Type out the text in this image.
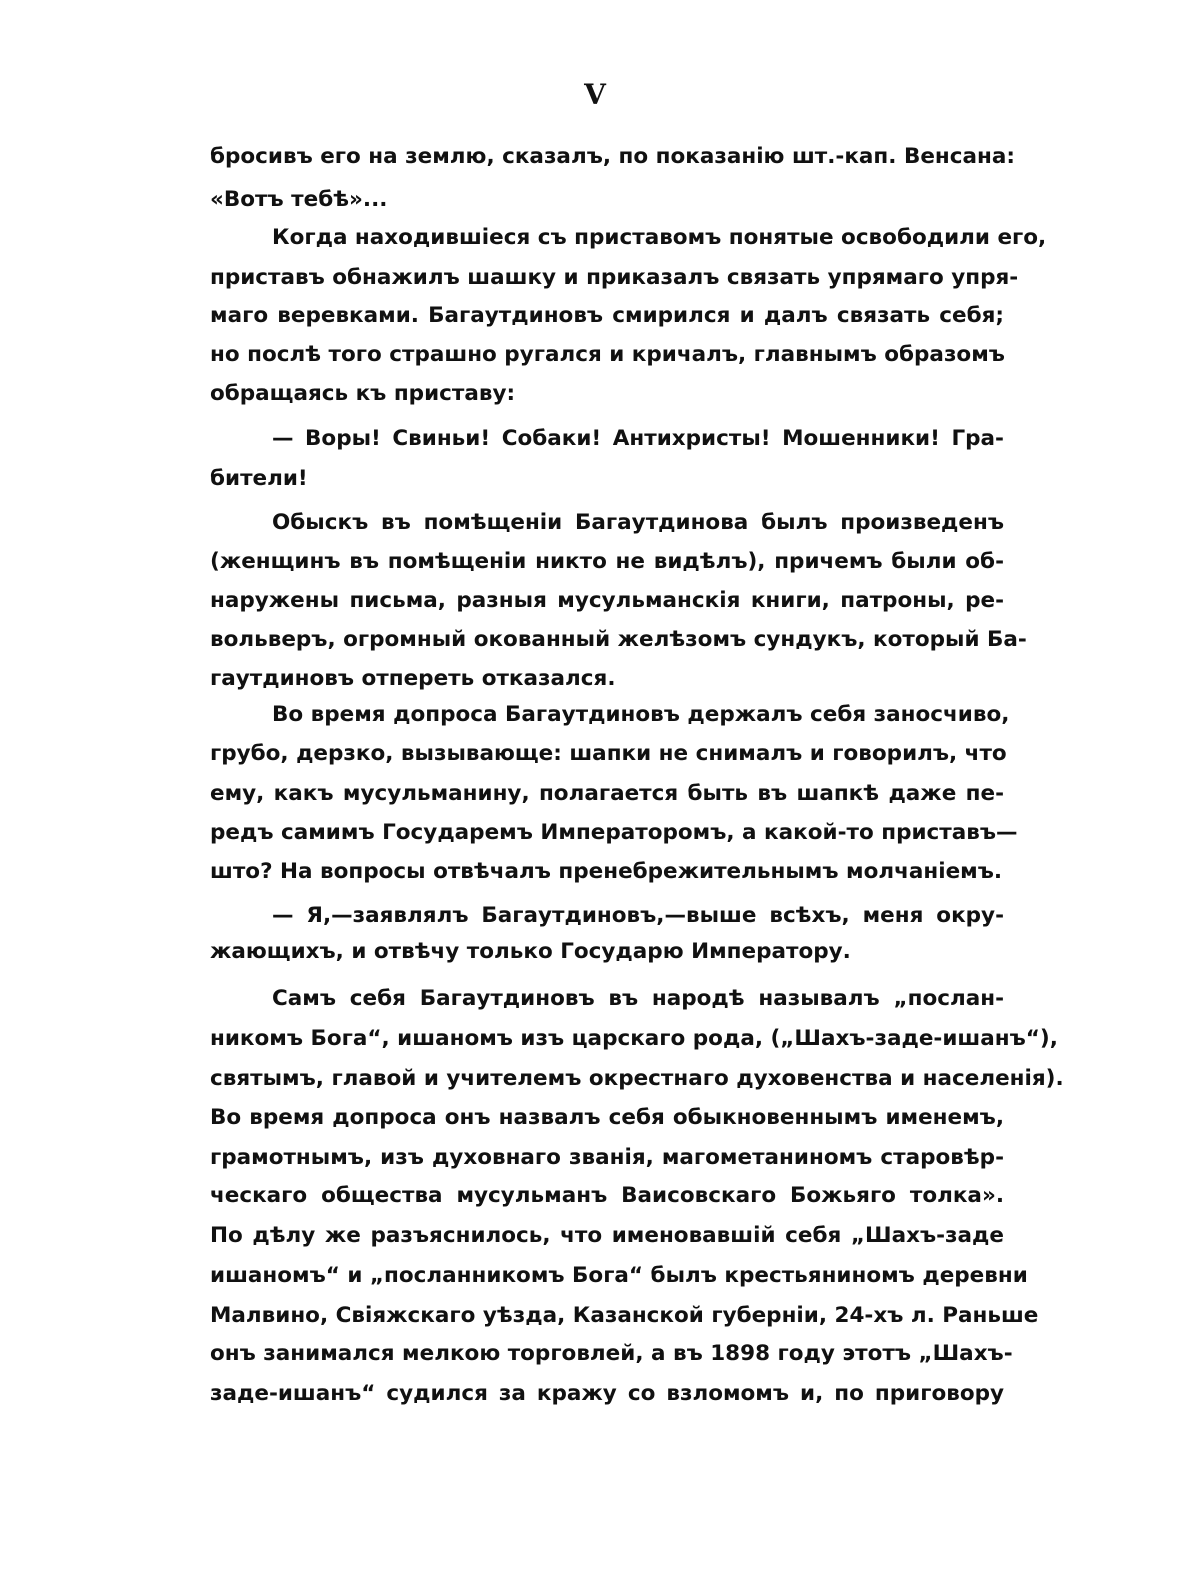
V
бросивъ его на землю, сказалъ, по показанію шт.-кап. Венсана:
«Вотъ тебѣ»...
Когда находившіеся съ приставомъ понятые освободили его,
приставъ обнажилъ шашку и приказалъ связать упрямаго упря-
маго веревками. Багаутдиновъ смирился и далъ связать себя;
но послѣ того страшно ругался и кричалъ, главнымъ образомъ
обращаясь къ приставу:
— Воры! Свиньи! Собаки! Антихристы! Мошенники! Гра-
бители!
Обыскъ въ помѣщеніи Багаутдинова былъ произведенъ
(женщинъ въ помѣщеніи никто не видѣлъ), причемъ были об-
наружены письма, разныя мусульманскія книги, патроны, ре-
вольверъ, огромный окованный желѣзомъ сундукъ, который Ба-
гаутдиновъ отпереть отказался.
Во время допроса Багаутдиновъ держалъ себя заносчиво,
грубо, дерзко, вызывающе: шапки не снималъ и говорилъ, что
ему, какъ мусульманину, полагается быть въ шапкѣ даже пе-
редъ самимъ Государемъ Императоромъ, а какой-то приставъ—
што? На вопросы отвѣчалъ пренебрежительнымъ молчаніемъ.
— Я,—заявлялъ Багаутдиновъ,—выше всѣхъ, меня окру-
жающихъ, и отвѣчу только Государю Императору.
Самъ себя Багаутдиновъ въ народѣ называлъ „послан-
никомъ Бога“, ишаномъ изъ царскаго рода, („Шахъ-заде-ишанъ“),
святымъ, главой и учителемъ окрестнаго духовенства и населенія).
Во время допроса онъ назвалъ себя обыкновеннымъ именемъ,
грамотнымъ, изъ духовнаго званія, магометаниномъ старовѣр-
ческаго общества мусульманъ Ваисовскаго Божьяго толка».
По дѣлу же разъяснилось, что именовавшій себя „Шахъ-заде
ишаномъ“ и „посланникомъ Бога“ былъ крестьяниномъ деревни
Малвино, Свіяжскаго уѣзда, Казанской губерніи, 24-хъ л. Раньше
онъ занимался мелкою торговлей, а въ 1898 году этотъ „Шахъ-
заде-ишанъ“ судился за кражу со взломомъ и, по приговору
